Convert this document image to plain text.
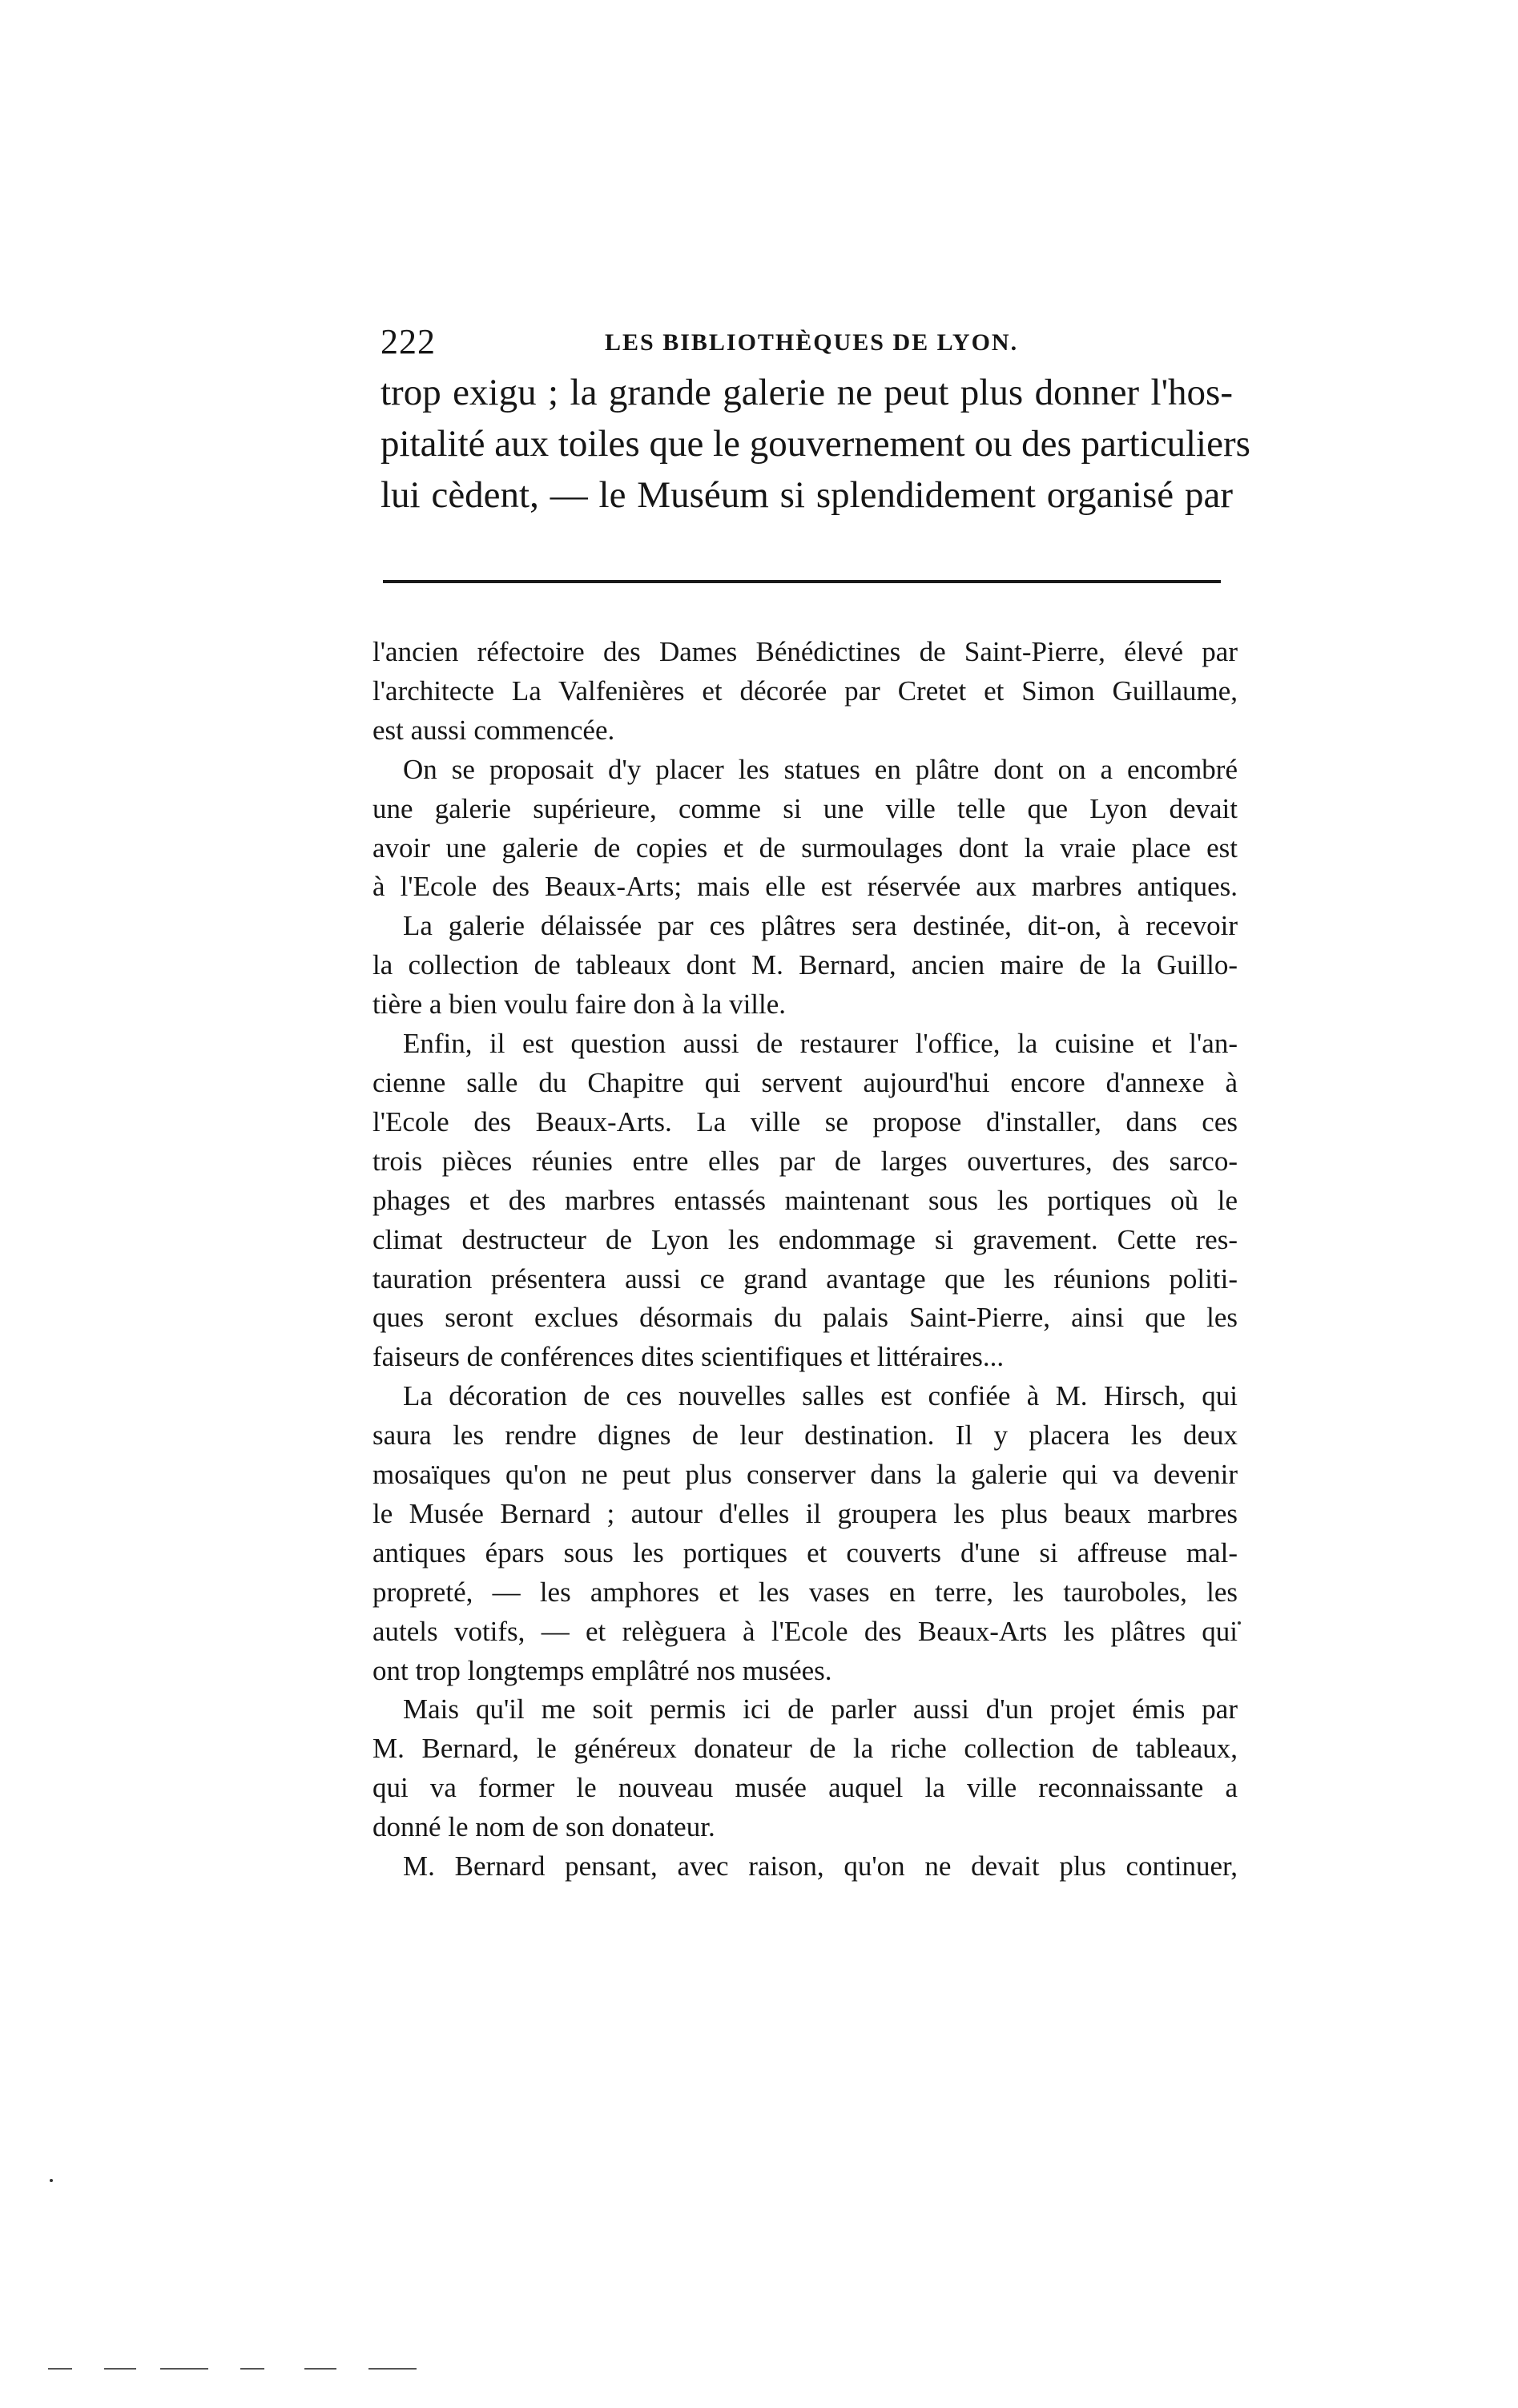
222	LES BIBLIOTHÈQUES DE LYON.
trop exigu ; la grande galerie ne peut plus donner l'hos-
pitalité aux toiles que le gouvernement ou des particuliers
lui cèdent, — le Muséum si splendidement organisé par
l'ancien réfectoire des Dames Bénédictines de Saint-Pierre, élevé par
l'architecte La Valfenières et décorée par Cretet et Simon Guillaume,
est aussi commencée.
On se proposait d'y placer les statues en plâtre dont on a encombré
une galerie supérieure, comme si une ville telle que Lyon devait
avoir une galerie de copies et de surmoulages dont la vraie place est
à l'Ecole des Beaux-Arts; mais elle est réservée aux marbres antiques.
La galerie délaissée par ces plâtres sera destinée, dit-on, à recevoir
la collection de tableaux dont M. Bernard, ancien maire de la Guillo-
tière a bien voulu faire don à la ville.
Enfin, il est question aussi de restaurer l'office, la cuisine et l'an-
cienne salle du Chapitre qui servent aujourd'hui encore d'annexe à
l'Ecole des Beaux-Arts. La ville se propose d'installer, dans ces
trois pièces réunies entre elles par de larges ouvertures, des sarco-
phages et des marbres entassés maintenant sous les portiques où le
climat destructeur de Lyon les endommage si gravement. Cette res-
tauration présentera aussi ce grand avantage que les réunions politi-
ques seront exclues désormais du palais Saint-Pierre, ainsi que les
faiseurs de conférences dites scientifiques et littéraires...
La décoration de ces nouvelles salles est confiée à M. Hirsch, qui
saura les rendre dignes de leur destination. Il y placera les deux
mosaïques qu'on ne peut plus conserver dans la galerie qui va devenir
le Musée Bernard ; autour d'elles il groupera les plus beaux marbres
antiques épars sous les portiques et couverts d'une si affreuse mal-
propreté, — les amphores et les vases en terre, les tauroboles, les
autels votifs, — et relèguera à l'Ecole des Beaux-Arts les plâtres qui
ont trop longtemps emplâtré nos musées.
Mais qu'il me soit permis ici de parler aussi d'un projet émis par
M. Bernard, le généreux donateur de la riche collection de tableaux,
qui va former le nouveau musée auquel la ville reconnaissante a
donné le nom de son donateur.
M. Bernard pensant, avec raison, qu'on ne devait plus continuer,
